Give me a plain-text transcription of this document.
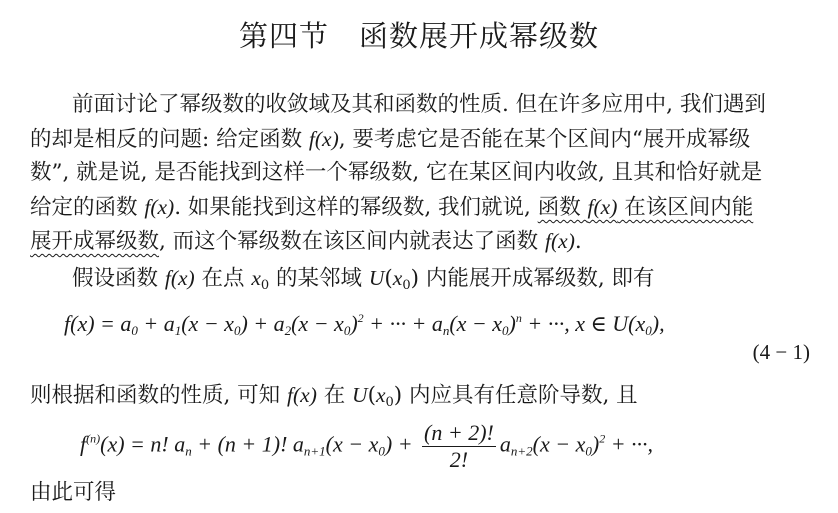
第四节　函数展开成幂级数
前面讨论了幂级数的收敛域及其和函数的性质. 但在许多应用中, 我们遇到
的却是相反的问题: 给定函数 f(x), 要考虑它是否能在某个区间内“展开成幂级
数”, 就是说, 是否能找到这样一个幂级数, 它在某区间内收敛, 且其和恰好就是
给定的函数 f(x). 如果能找到这样的幂级数, 我们就说, 函数 f(x) 在该区间内能
展开成幂级数, 而这个幂级数在该区间内就表达了函数 f(x).
假设函数 f(x) 在点 $x_0$ 的某邻域 $U(x_0)$ 内能展开成幂级数, 即有
$f(x) = a_0 + a_1(x - x_0) + a_2(x - x_0)^2$ + ··· + $a_n(x - x_0)^n$ + ···, x ∈ $U(x_0)$,
(4 − 1)
则根据和函数的性质, 可知 f(x) 在 $U(x_0)$ 内应具有任意阶导数, 且
$f^{(n)}(x) = n$! $a_n + (n + 1)$! $a_{n+1}(x - x_0) + \frac{(n + 2)!}{2!} a_{n+2}(x - x_0)^2$ + ···,
由此可得
